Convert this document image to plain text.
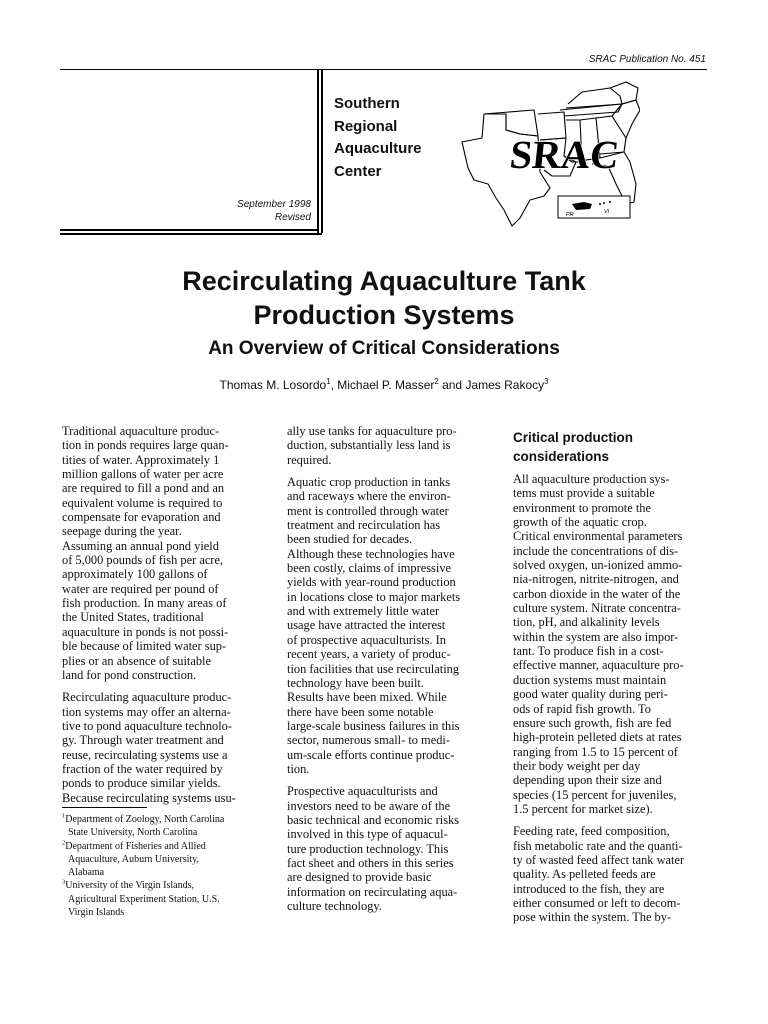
SRAC Publication No. 451
Southern
Regional
Aquaculture
Center
September 1998
Revised
SRAC
PR	VI
Recirculating Aquaculture Tank
Production Systems
An Overview of Critical Considerations
Thomas M. Losordo$^1$, Michael P. Masser$^2$ and James Rakocy$^3$

Traditional aquaculture produc-
tion in ponds requires large quan-
tities of water. Approximately 1
million gallons of water per acre
are required to fill a pond and an
equivalent volume is required to
compensate for evaporation and
seepage during the year.
Assuming an annual pond yield
of 5,000 pounds of fish per acre,
approximately 100 gallons of
water are required per pound of
fish production. In many areas of
the United States, traditional
aquaculture in ponds is not possi-
ble because of limited water sup-
plies or an absence of suitable
land for pond construction.

Recirculating aquaculture produc-
tion systems may offer an alterna-
tive to pond aquaculture technolo-
gy. Through water treatment and
reuse, recirculating systems use a
fraction of the water required by
ponds to produce similar yields.
Because recirculating systems usu-

$^1$Department of Zoology, North Carolina
State University, North Carolina
$^2$Department of Fisheries and Allied
Aquaculture, Auburn University,
Alabama
$^3$University of the Virgin Islands,
Agricultural Experiment Station, U.S.
Virgin Islands

ally use tanks for aquaculture pro-
duction, substantially less land is
required.

Aquatic crop production in tanks
and raceways where the environ-
ment is controlled through water
treatment and recirculation has
been studied for decades.
Although these technologies have
been costly, claims of impressive
yields with year-round production
in locations close to major markets
and with extremely little water
usage have attracted the interest
of prospective aquaculturists. In
recent years, a variety of produc-
tion facilities that use recirculating
technology have been built.
Results have been mixed. While
there have been some notable
large-scale business failures in this
sector, numerous small- to medi-
um-scale efforts continue produc-
tion.

Prospective aquaculturists and
investors need to be aware of the
basic technical and economic risks
involved in this type of aquacul-
ture production technology. This
fact sheet and others in this series
are designed to provide basic
information on recirculating aqua-
culture technology.

Critical production
considerations

All aquaculture production sys-
tems must provide a suitable
environment to promote the
growth of the aquatic crop.
Critical environmental parameters
include the concentrations of dis-
solved oxygen, un-ionized ammo-
nia-nitrogen, nitrite-nitrogen, and
carbon dioxide in the water of the
culture system. Nitrate concentra-
tion, pH, and alkalinity levels
within the system are also impor-
tant. To produce fish in a cost-
effective manner, aquaculture pro-
duction systems must maintain
good water quality during peri-
ods of rapid fish growth. To
ensure such growth, fish are fed
high-protein pelleted diets at rates
ranging from 1.5 to 15 percent of
their body weight per day
depending upon their size and
species (15 percent for juveniles,
1.5 percent for market size).

Feeding rate, feed composition,
fish metabolic rate and the quanti-
ty of wasted feed affect tank water
quality. As pelleted feeds are
introduced to the fish, they are
either consumed or left to decom-
pose within the system. The by-
